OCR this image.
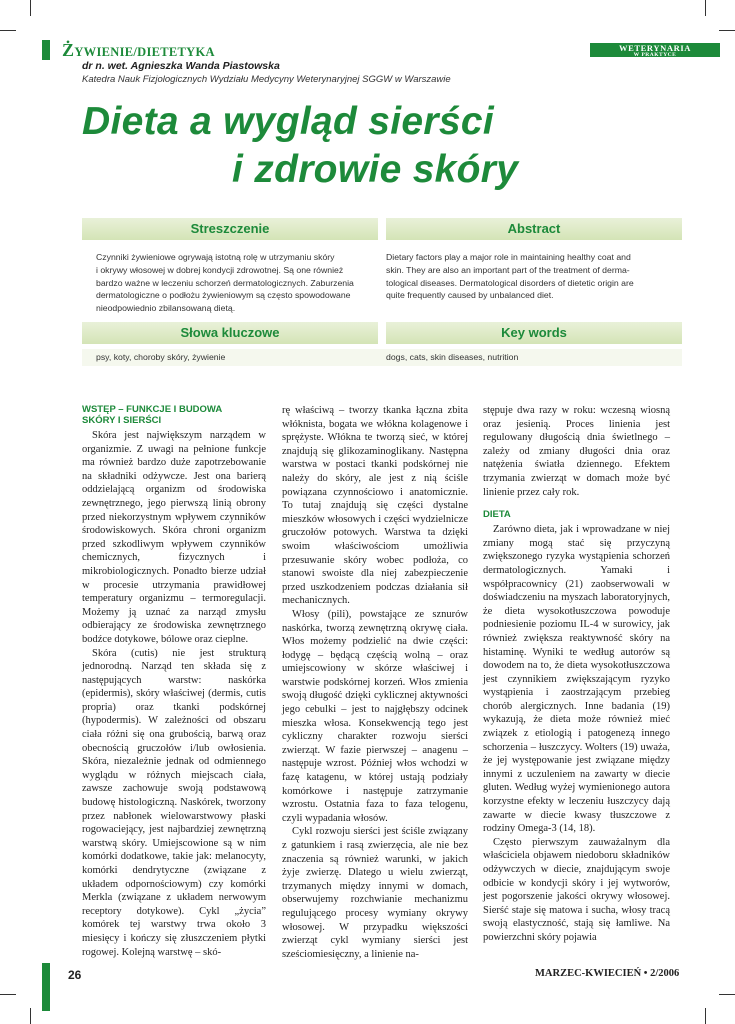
ŻYWIENIE/DIETETYKA	WETERYNARIA
W PRAKTYCE
dr n. wet. Agnieszka Wanda Piastowska
Katedra Nauk Fizjologicznych Wydziału Medycyny Weterynaryjnej SGGW w Warszawie
Dieta a wygląd sierści
i zdrowie skóry
Streszczenie	Abstract
Czynniki żywieniowe ogrywają istotną rolę w utrzymaniu skóry
i okrywy włosowej w dobrej kondycji zdrowotnej. Są one również
bardzo ważne w leczeniu schorzeń dermatologicznych. Zaburzenia
dermatologiczne o podłożu żywieniowym są często spowodowane
nieodpowiednio zbilansowaną dietą.
Dietary factors play a major role in maintaining healthy coat and
skin. They are also an important part of the treatment of derma-
tological diseases. Dermatological disorders of dietetic origin are
quite frequently caused by unbalanced diet.
Słowa kluczowe	Key words
psy, koty, choroby skóry, żywienie	dogs, cats, skin diseases, nutrition
WSTĘP – FUNKCJE I BUDOWA
SKÓRY I SIERŚCI

Skóra jest największym narządem w organizmie. Z uwagi na pełnione funkcje ma również bardzo duże zapotrzebowanie na składniki odżywcze. Jest ona barierą oddzielającą organizm od środowiska zewnętrznego, jego pierwszą linią obrony przed niekorzystnym wpływem czynników środowiskowych. Skóra chroni organizm przed szkodliwym wpływem czynników chemicznych, fizycznych i mikrobiologicznych. Ponadto bierze udział w procesie utrzymania prawidłowej temperatury organizmu – termoregulacji. Możemy ją uznać za narząd zmysłu odbierający ze środowiska zewnętrznego bodźce dotykowe, bólowe oraz cieplne.

Skóra (cutis) nie jest strukturą jednorodną. Narząd ten składa się z następujących warstw: naskórka (epidermis), skóry właściwej (dermis, cutis propria) oraz tkanki podskórnej (hypodermis). W zależności od obszaru ciała różni się ona grubością, barwą oraz obecnością gruczołów i/lub owłosienia. Skóra, niezależnie jednak od odmiennego wyglądu w różnych miejscach ciała, zawsze zachowuje swoją podstawową budowę histologiczną. Naskórek, tworzony przez nabłonek wielowarstwowy płaski rogowaciejący, jest najbardziej zewnętrzną warstwą skóry. Umiejscowione są w nim komórki dodatkowe, takie jak: melanocyty, komórki dendrytyczne (związane z układem odpornościowym) czy komórki Merkla (związane z układem nerwowym receptory dotykowe). Cykl „życia” komórek tej warstwy trwa około 3 miesięcy i kończy się złuszczeniem płytki rogowej. Kolejną warstwę – skó-

rę właściwą – tworzy tkanka łączna zbita włóknista, bogata we włókna kolagenowe i sprężyste. Włókna te tworzą sieć, w której znajdują się glikozaminoglikany. Następna warstwa w postaci tkanki podskórnej nie należy do skóry, ale jest z nią ściśle powiązana czynnościowo i anatomicznie. To tutaj znajdują się części dystalne mieszków włosowych i części wydzielnicze gruczołów potowych. Warstwa ta dzięki swoim właściwościom umożliwia przesuwanie skóry wobec podłoża, co stanowi swoiste dla niej zabezpieczenie przed uszkodzeniem podczas działania sił mechanicznych.

Włosy (pili), powstające ze sznurów naskórka, tworzą zewnętrzną okrywę ciała. Włos możemy podzielić na dwie części: łodygę – będącą częścią wolną – oraz umiejscowiony w skórze właściwej i warstwie podskórnej korzeń. Włos zmienia swoją długość dzięki cyklicznej aktywności jego cebulki – jest to najgłębszy odcinek mieszka włosa. Konsekwencją tego jest cykliczny charakter rozwoju sierści zwierząt. W fazie pierwszej – anagenu – następuje wzrost. Później włos wchodzi w fazę katagenu, w której ustają podziały komórkowe i następuje zatrzymanie wzrostu. Ostatnia faza to faza telogenu, czyli wypadania włosów.

Cykl rozwoju sierści jest ściśle związany z gatunkiem i rasą zwierzęcia, ale nie bez znaczenia są również warunki, w jakich żyje zwierzę. Dlatego u wielu zwierząt, trzymanych między innymi w domach, obserwujemy rozchwianie mechanizmu regulującego procesy wymiany okrywy włosowej. W przypadku większości zwierząt cykl wymiany sierści jest sześciomiesięczny, a linienie na-

stępuje dwa razy w roku: wczesną wiosną oraz jesienią. Proces linienia jest regulowany długością dnia świetlnego – zależy od zmiany długości dnia oraz natężenia światła dziennego. Efektem trzymania zwierząt w domach może być linienie przez cały rok.

DIETA

Zarówno dieta, jak i wprowadzane w niej zmiany mogą stać się przyczyną zwiększonego ryzyka wystąpienia schorzeń dermatologicznych. Yamaki i współpracownicy (21) zaobserwowali w doświadczeniu na myszach laboratoryjnych, że dieta wysokotłuszczowa powoduje podniesienie poziomu IL-4 w surowicy, jak również zwiększa reaktywność skóry na histaminę. Wyniki te według autorów są dowodem na to, że dieta wysokotłuszczowa jest czynnikiem zwiększającym ryzyko wystąpienia i zaostrzającym przebieg chorób alergicznych. Inne badania (19) wykazują, że dieta może również mieć związek z etiologią i patogenezą innego schorzenia – łuszczycy. Wolters (19) uważa, że jej występowanie jest związane między innymi z uczuleniem na zawarty w diecie gluten. Według wyżej wymienionego autora korzystne efekty w leczeniu łuszczycy dają zawarte w diecie kwasy tłuszczowe z rodziny Omega-3 (14, 18).

Często pierwszym zauważalnym dla właściciela objawem niedoboru składników odżywczych w diecie, znajdującym swoje odbicie w kondycji skóry i jej wytworów, jest pogorszenie jakości okrywy włosowej. Sierść staje się matowa i sucha, włosy tracą swoją elastyczność, stają się łamliwe. Na powierzchni skóry pojawia

26	MARZEC-KWIECIEŃ • 2/2006
